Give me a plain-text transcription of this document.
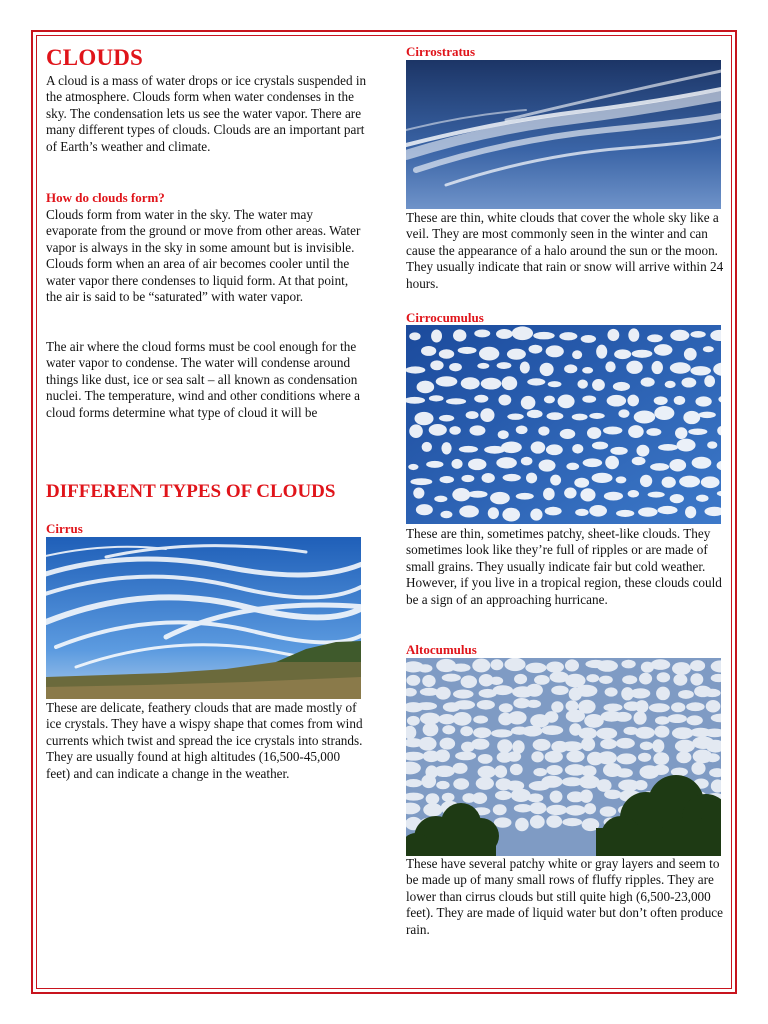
CLOUDS

A cloud is a mass of water drops or ice crystals suspended in the atmosphere. Clouds form when water condenses in the sky. The condensation lets us see the water vapor. There are many different types of clouds. Clouds are an important part of Earth’s weather and climate.

How do clouds form?

Clouds form from water in the sky. The water may evaporate from the ground or move from other areas. Water vapor is always in the sky in some amount but is invisible. Clouds form when an area of air becomes cooler until the water vapor there condenses to liquid form. At that point, the air is said to be “saturated” with water vapor.

The air where the cloud forms must be cool enough for the water vapor to condense. The water will condense around things like dust, ice or sea salt – all known as condensation nuclei. The temperature, wind and other conditions where a cloud forms determine what type of cloud it will be

DIFFERENT TYPES OF CLOUDS
Cirrus

These are delicate, feathery clouds that are made mostly of ice crystals. They have a wispy shape that comes from wind currents which twist and spread the ice crystals into strands. They are usually found at high altitudes (16,500-45,000 feet) and can indicate a change in the weather.

Cirrostratus

These are thin, white clouds that cover the whole sky like a veil. They are most commonly seen in the winter and can cause the appearance of a halo around the sun or the moon. They usually indicate that rain or snow will arrive within 24 hours.

Cirrocumulus

These are thin, sometimes patchy, sheet-like clouds. They sometimes look like they’re full of ripples or are made of small grains. They usually indicate fair but cold weather. However, if you live in a tropical region, these clouds could be a sign of an approaching hurricane.

Altocumulus

These have several patchy white or gray layers and seem to be made up of many small rows of fluffy ripples. They are lower than cirrus clouds but still quite high (6,500-23,000 feet). They are made of liquid water but don’t often produce rain.
